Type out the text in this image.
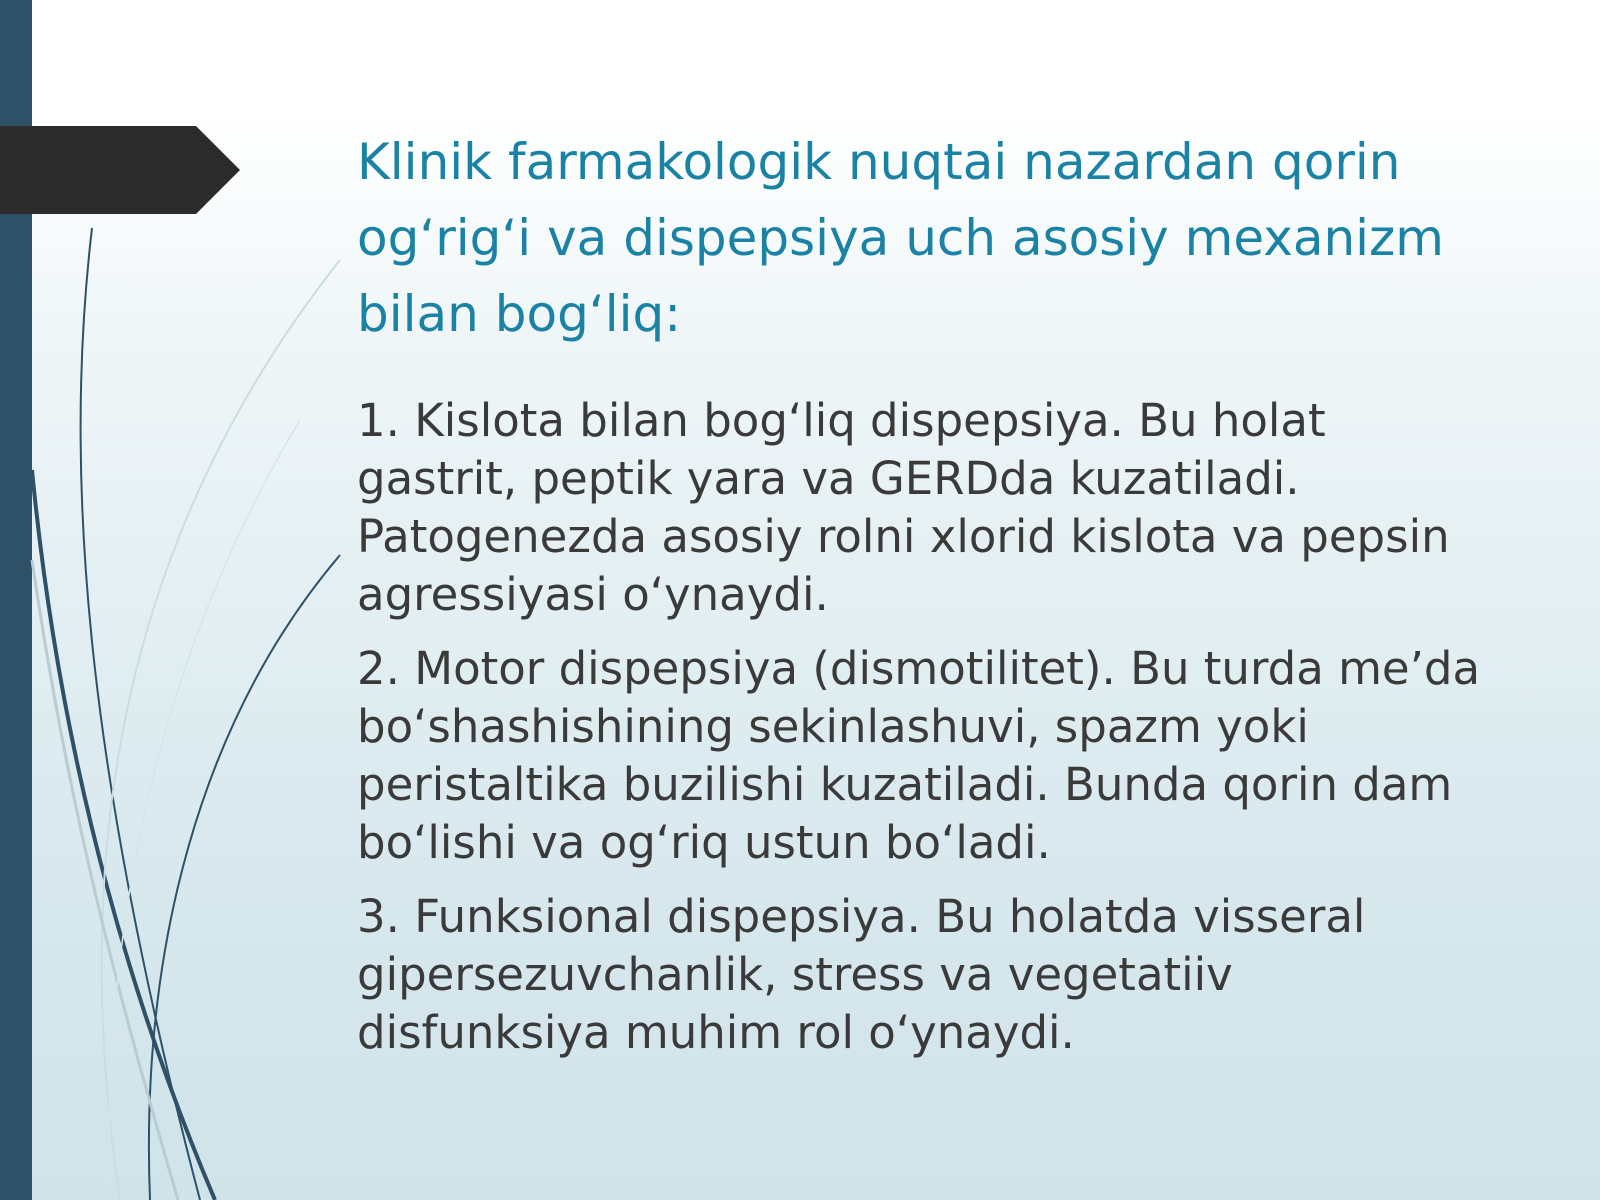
Klinik farmakologik nuqtai nazardan qorin og‘rig‘i va dispepsiya uch asosiy mexanizm bilan bog‘liq:

1. Kislota bilan bog‘liq dispepsiya. Bu holat gastrit, peptik yara va GERDda kuzatiladi. Patogenezda asosiy rolni xlorid kislota va pepsin agressiyasi o‘ynaydi.

2. Motor dispepsiya (dismotilitet). Bu turda me’da bo‘shashishining sekinlashuvi, spazm yoki peristaltika buzilishi kuzatiladi. Bunda qorin dam bo‘lishi va og‘riq ustun bo‘ladi.

3. Funksional dispepsiya. Bu holatda visseral gipersezuvchanlik, stress va vegetatiiv disfunksiya muhim rol o‘ynaydi.
